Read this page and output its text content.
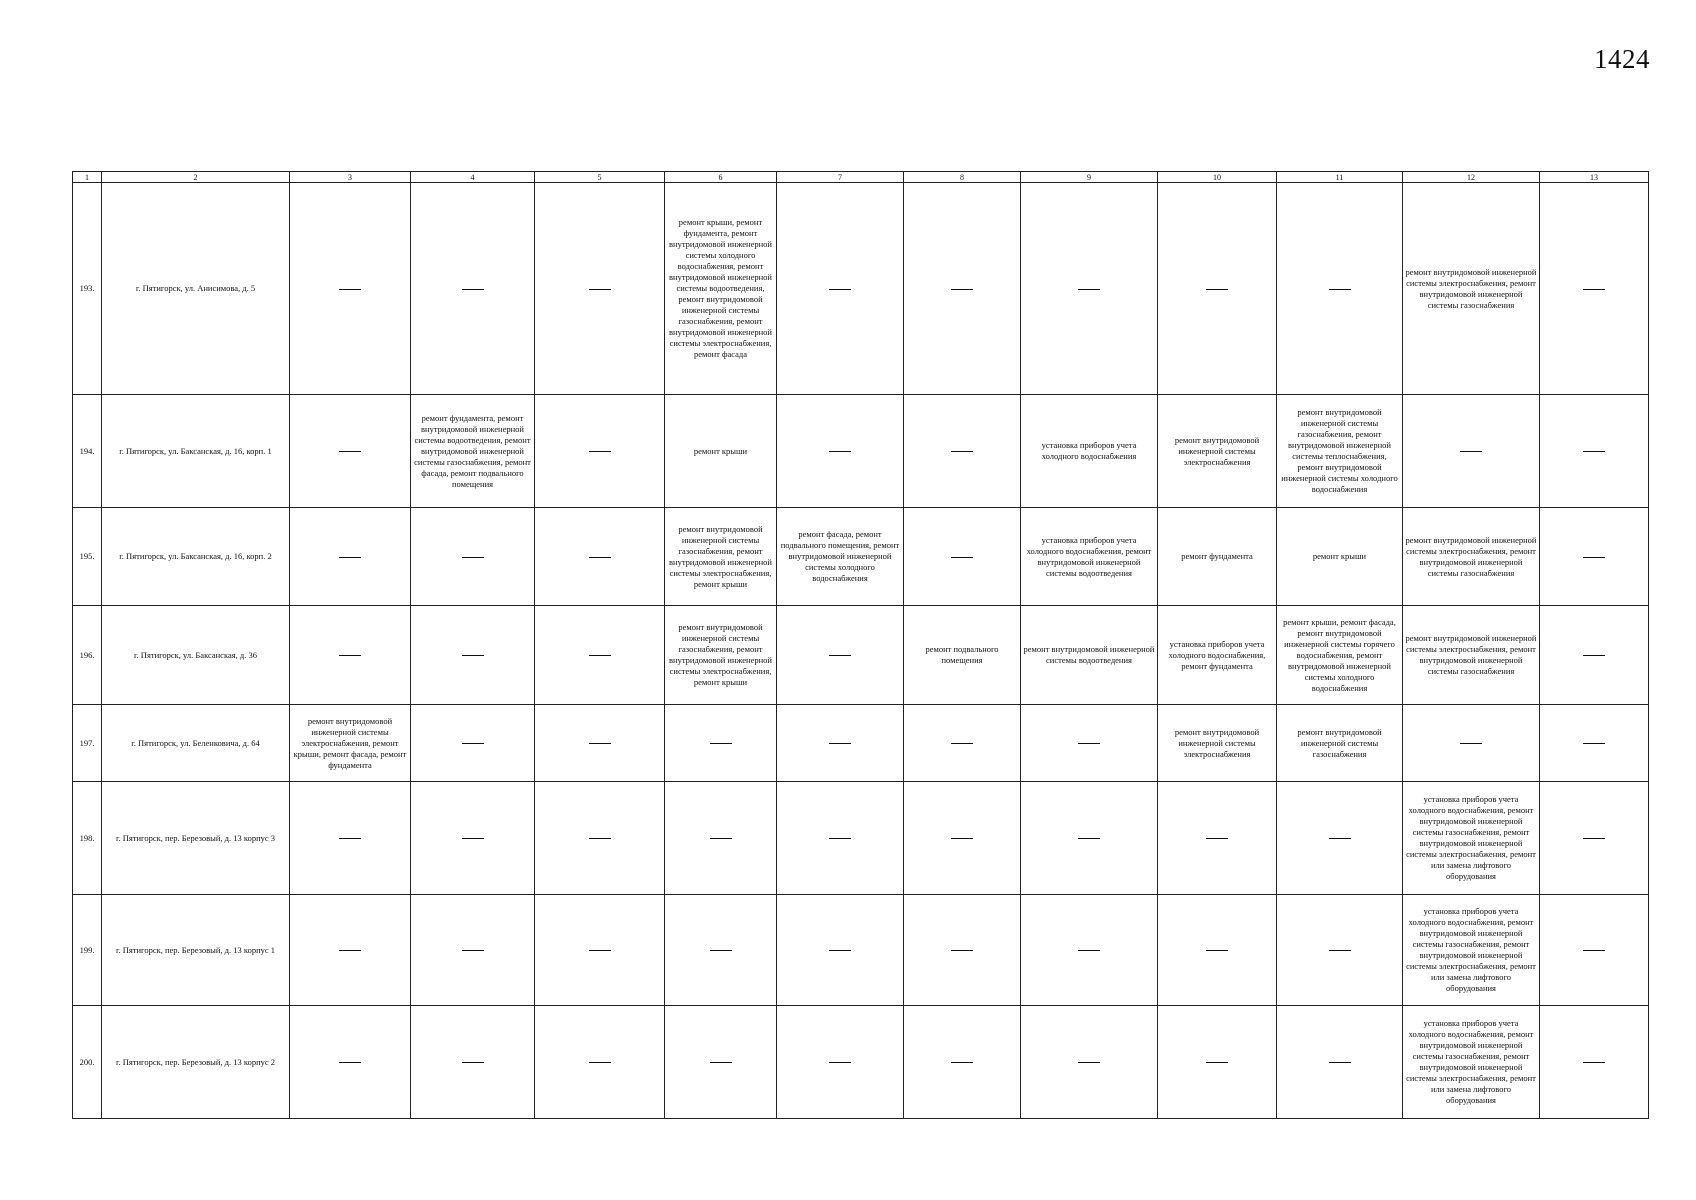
1424
1	2	3	4	5	6	7	8	9	10	11	12	13
193.	г. Пятигорск, ул. Анисимова, д. 5				ремонт крыши, ремонт фундамента, ремонт внутридомовой инженерной системы холодного водоснабжения, ремонт внутридомовой инженерной системы водоотведения, ремонт внутридомовой инженерной системы газоснабжения, ремонт внутридомовой инженерной системы электроснабжения, ремонт фасада						ремонт внутридомовой инженерной системы электроснабжения, ремонт внутридомовой инженерной системы газоснабжения	
194.	г. Пятигорск, ул. Баксанская, д. 16, корп. 1		ремонт фундамента, ремонт внутридомовой инженерной системы водоотведения, ремонт внутридомовой инженерной системы газоснабжения, ремонт фасада, ремонт подвального помещения		ремонт крыши			установка приборов учета холодного водоснабжения	ремонт внутридомовой инженерной системы электроснабжения	ремонт внутридомовой инженерной системы газоснабжения, ремонт внутридомовой инженерной системы теплоснабжения, ремонт внутридомовой инженерной системы холодного водоснабжения		
195.	г. Пятигорск, ул. Баксанская, д. 16, корп. 2				ремонт внутридомовой инженерной системы газоснабжения, ремонт внутридомовой инженерной системы электроснабжения, ремонт крыши	ремонт фасада, ремонт подвального помещения, ремонт внутридомовой инженерной системы холодного водоснабжения		установка приборов учета холодного водоснабжения, ремонт внутридомовой инженерной системы водоотведения	ремонт фундамента	ремонт крыши	ремонт внутридомовой инженерной системы электроснабжения, ремонт внутридомовой инженерной системы газоснабжения	
196.	г. Пятигорск, ул. Баксанская, д. 36				ремонт внутридомовой инженерной системы газоснабжения, ремонт внутридомовой инженерной системы электроснабжения, ремонт крыши		ремонт подвального помещения	ремонт внутридомовой инженерной системы водоотведения	установка приборов учета холодного водоснабжения, ремонт фундамента	ремонт крыши, ремонт фасада, ремонт внутридомовой инженерной системы горячего водоснабжения, ремонт внутридомовой инженерной системы холодного водоснабжения	ремонт внутридомовой инженерной системы электроснабжения, ремонт внутридомовой инженерной системы газоснабжения	
197.	г. Пятигорск, ул. Беленковича, д. 64	ремонт внутридомовой инженерной системы электроснабжения, ремонт крыши, ремонт фасада, ремонт фундамента							ремонт внутридомовой инженерной системы электроснабжения	ремонт внутридомовой инженерной системы газоснабжения		
198.	г. Пятигорск, пер. Березовый, д. 13 корпус 3										установка приборов учета холодного водоснабжения, ремонт внутридомовой инженерной системы газоснабжения, ремонт внутридомовой инженерной системы электроснабжения, ремонт или замена лифтового оборудования	
199.	г. Пятигорск, пер. Березовый, д. 13 корпус 1										установка приборов учета холодного водоснабжения, ремонт внутридомовой инженерной системы газоснабжения, ремонт внутридомовой инженерной системы электроснабжения, ремонт или замена лифтового оборудования	
200.	г. Пятигорск, пер. Березовый, д. 13 корпус 2										установка приборов учета холодного водоснабжения, ремонт внутридомовой инженерной системы газоснабжения, ремонт внутридомовой инженерной системы электроснабжения, ремонт или замена лифтового оборудования	
